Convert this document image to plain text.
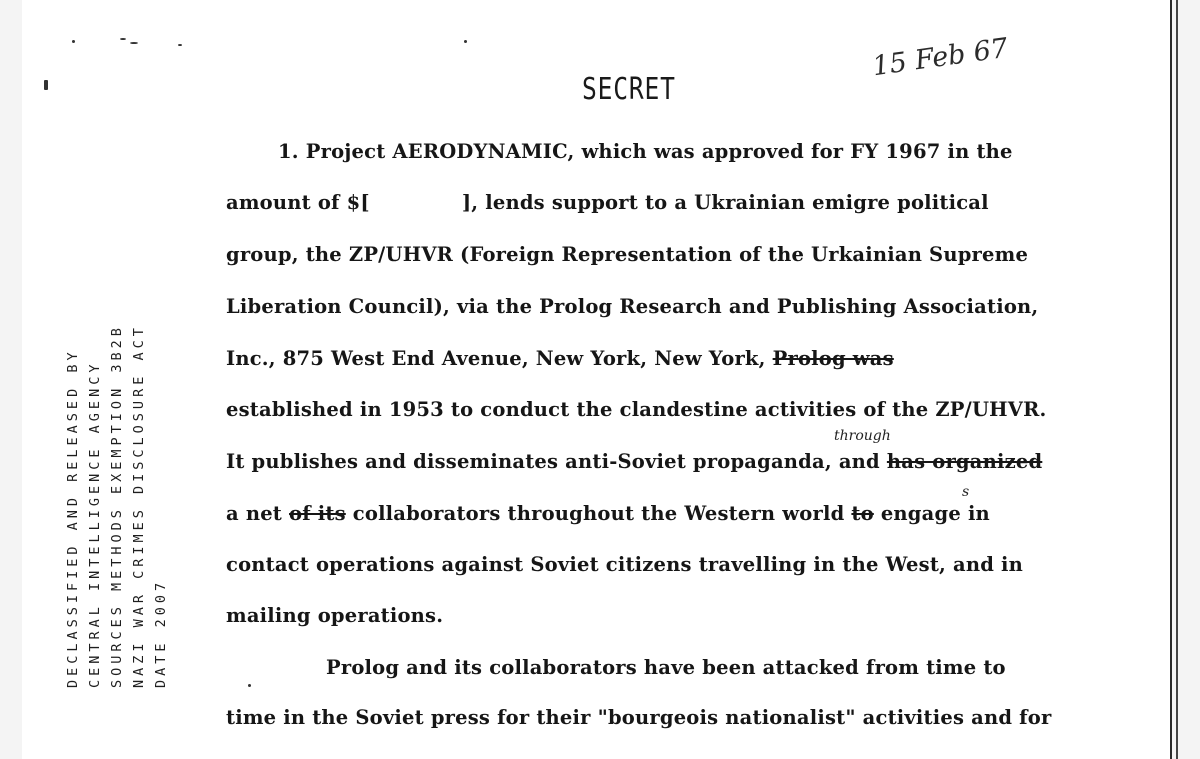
SECRET
15 Feb 67
1. Project AERODYNAMIC, which was approved for FY 1967 in the
amount of $[	], lends support to a Ukrainian emigre political
group, the ZP/UHVR (Foreign Representation of the Urkainian Supreme
Liberation Council), via the Prolog Research and Publishing Association,
Inc., 875 West End Avenue, New York, New York, Prolog was
established in 1953 to conduct the clandestine activities of the ZP/UHVR.
through
It publishes and disseminates anti-Soviet propaganda, and has organized
s
a net of its collaborators throughout the Western world to engage in
contact operations against Soviet citizens travelling in the West, and in
mailing operations.
Prolog and its collaborators have been attacked from time to
time in the Soviet press for their "bourgeois nationalist" activities and for
DECLASSIFIED AND RELEASED BY CENTRAL INTELLIGENCE AGENCY SOURCES METHODS EXEMPTION 3B2B NAZI WAR CRIMES DISCLOSURE ACT DATE 2007
